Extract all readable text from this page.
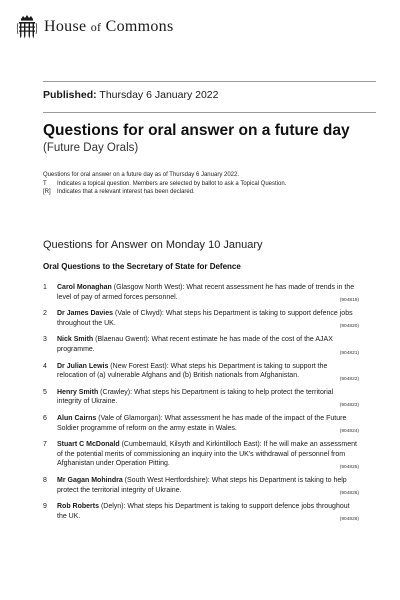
House of Commons
Published: Thursday 6 January 2022
Questions for oral answer on a future day
(Future Day Orals)
Questions for oral answer on a future day as of Thursday 6 January 2022.
T	Indicates a topical question. Members are selected by ballot to ask a Topical Question.
[R]	Indicates that a relevant interest has been declared.
Questions for Answer on Monday 10 January
Oral Questions to the Secretary of State for Defence
1 Carol Monaghan (Glasgow North West): What recent assessment he has made of trends in the level of pay of armed forces personnel.
(904819)
2 Dr James Davies (Vale of Clwyd): What steps his Department is taking to support defence jobs throughout the UK.
(904820)
3 Nick Smith (Blaenau Gwent): What recent estimate he has made of the cost of the AJAX programme.
(904821)
4 Dr Julian Lewis (New Forest East): What steps his Department is taking to support the relocation of (a) vulnerable Afghans and (b) British nationals from Afghanistan.
(904822)
5 Henry Smith (Crawley): What steps his Department is taking to help protect the territorial integrity of Ukraine.
(904823)
6 Alun Cairns (Vale of Glamorgan): What assessment he has made of the impact of the Future Soldier programme of reform on the army estate in Wales.
(904824)
7 Stuart C McDonald (Cumbernauld, Kilsyth and Kirkintilloch East): If he will make an assessment of the potential merits of commissioning an inquiry into the UK's withdrawal of personnel from Afghanistan under Operation Pitting.
(904825)
8 Mr Gagan Mohindra (South West Hertfordshire): What steps his Department is taking to help protect the territorial integrity of Ukraine.
(904826)
9 Rob Roberts (Delyn): What steps his Department is taking to support defence jobs throughout the UK.
(904828)
